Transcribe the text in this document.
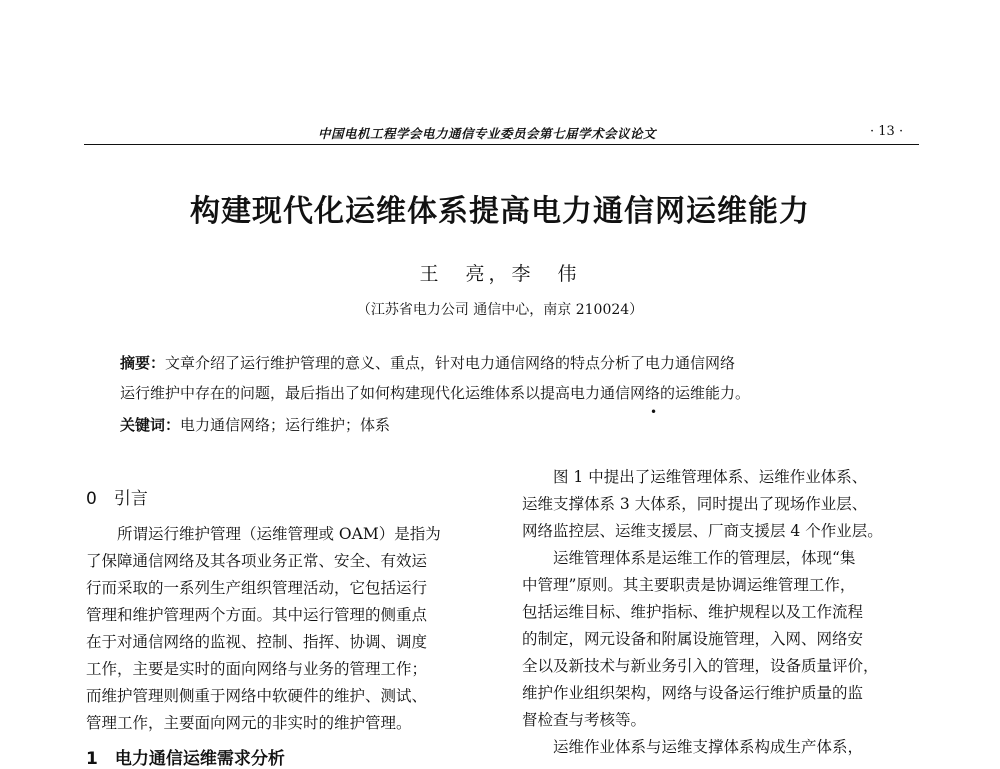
中国电机工程学会电力通信专业委员会第七届学术会议论文	· 13 ·
构建现代化运维体系提高电力通信网运维能力
王　亮，李　伟
（江苏省电力公司 通信中心，南京 210024）
摘要：文章介绍了运行维护管理的意义、重点，针对电力通信网络的特点分析了电力通信网络
运行维护中存在的问题，最后指出了如何构建现代化运维体系以提高电力通信网络的运维能力。
关键词：电力通信网络；运行维护；体系
•
0　引言
　　所谓运行维护管理（运维管理或 OAM）是指为
了保障通信网络及其各项业务正常、安全、有效运
行而采取的一系列生产组织管理活动，它包括运行
管理和维护管理两个方面。其中运行管理的侧重点
在于对通信网络的监视、控制、指挥、协调、调度
工作，主要是实时的面向网络与业务的管理工作；
而维护管理则侧重于网络中软硬件的维护、测试、
管理工作，主要面向网元的非实时的维护管理。
1　电力通信运维需求分析
　　图 1 中提出了运维管理体系、运维作业体系、
运维支撑体系 3 大体系，同时提出了现场作业层、
网络监控层、运维支援层、厂商支援层 4 个作业层。
　　运维管理体系是运维工作的管理层，体现“集
中管理”原则。其主要职责是协调运维管理工作，
包括运维目标、维护指标、维护规程以及工作流程
的制定，网元设备和附属设施管理，入网、网络安
全以及新技术与新业务引入的管理，设备质量评价，
维护作业组织架构，网络与设备运行维护质量的监
督检查与考核等。
　　运维作业体系与运维支撑体系构成生产体系，
